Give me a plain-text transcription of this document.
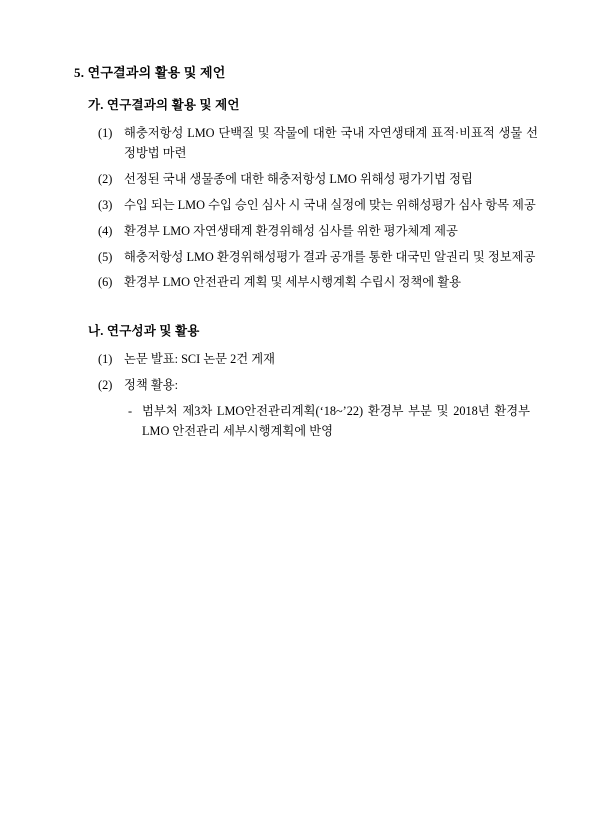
5. 연구결과의 활용 및 제언
가. 연구결과의 활용 및 제언
(1) 해충저항성 LMO 단백질 및 작물에 대한 국내 자연생태계 표적·비표적 생물 선정방법 마련
(2) 선정된 국내 생물종에 대한 해충저항성 LMO 위해성 평가기법 정립
(3) 수입 되는 LMO 수입 승인 심사 시 국내 실정에 맞는 위해성평가 심사 항목 제공
(4) 환경부 LMO 자연생태계 환경위해성 심사를 위한 평가체계 제공
(5) 해충저항성 LMO 환경위해성평가 결과 공개를 통한 대국민 알권리 및 정보제공
(6) 환경부 LMO 안전관리 계획 및 세부시행계획 수립시 정책에 활용
나. 연구성과 및 활용
(1) 논문 발표: SCI 논문 2건 게재
(2) 정책 활용:
- 범부처 제3차 LMO안전관리계획(‘18~’22) 환경부 부분 및 2018년 환경부 LMO 안전관리 세부시행계획에 반영
